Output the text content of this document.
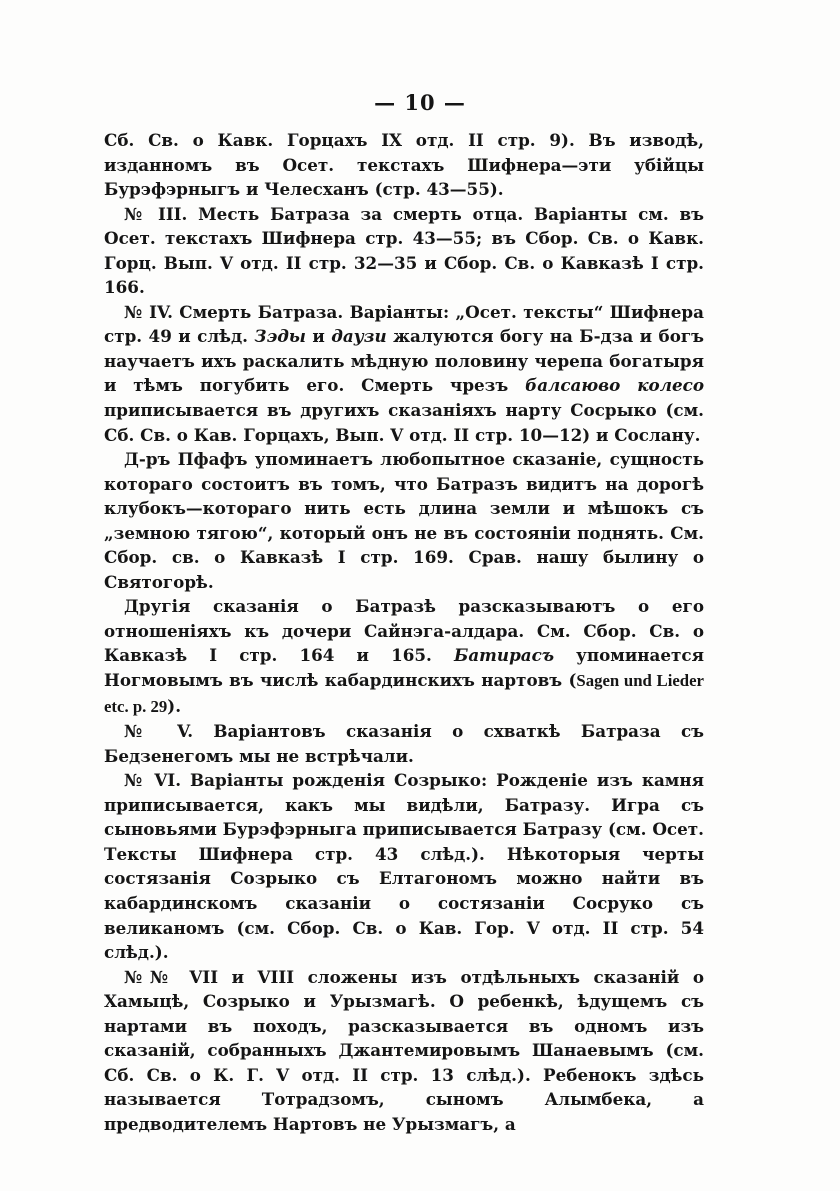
— 10 —

Сб. Св. о Кавк. Горцахъ IX отд. II стр. 9). Въ изводѣ, изданномъ въ Осет. текстахъ Шифнера—эти убійцы Бурэфэрныгъ и Челесханъ (стр. 43—55).

№ III. Месть Батраза за смерть отца. Варіанты см. въ Осет. текстахъ Шифнера стр. 43—55; въ Сбор. Св. о Кавк. Горц. Вып. V отд. II стр. 32—35 и Сбор. Св. о Кавказѣ I стр. 166.

№ IV. Смерть Батраза. Варіанты: „Осет. тексты“ Шифнера стр. 49 и слѣд. Зэды и даузи жалуются богу на Б-дза и богъ научаетъ ихъ раскалить мѣдную половину черепа богатыря и тѣмъ погубить его. Смерть чрезъ балсаюво колесо приписывается въ другихъ сказаніяхъ нарту Сосрыко (см. Сб. Св. о Кав. Горцахъ, Вып. V отд. II стр. 10—12) и Сослану.

Д-ръ Пфафъ упоминаетъ любопытное сказаніе, сущность котораго состоитъ въ томъ, что Батразъ видитъ на дорогѣ клубокъ—котораго нить есть длина земли и мѣшокъ съ „земною тягою“, который онъ не въ состояніи поднять. См. Сбор. св. о Кавказѣ I стр. 169. Срав. нашу былину о Святогорѣ.

Другія сказанія о Батразѣ разсказываютъ о его отношеніяхъ къ дочери Сайнэга-алдара. См. Сбор. Св. о Кавказѣ I стр. 164 и 165. Батирасъ упоминается Ногмовымъ въ числѣ кабардинскихъ нартовъ (Sagen und Lieder etc. p. 29).

№ V. Варіантовъ сказанія о схваткѣ Батраза съ Бедзенегомъ мы не встрѣчали.

№ VI. Варіанты рожденія Созрыко: Рожденіе изъ камня приписывается, какъ мы видѣли, Батразу. Игра съ сыновьями Бурэфэрныга приписывается Батразу (см. Осет. Тексты Шифнера стр. 43 слѣд.). Нѣкоторыя черты состязанія Созрыко съ Елтагономъ можно найти въ кабардинскомъ сказаніи о состязаніи Сосруко съ великаномъ (см. Сбор. Св. о Кав. Гор. V отд. II стр. 54 слѣд.).

№№ VII и VIII сложены изъ отдѣльныхъ сказаній о Хамыцѣ, Созрыко и Урызмагѣ. О ребенкѣ, ѣдущемъ съ нартами въ походъ, разсказывается въ одномъ изъ сказаній, собранныхъ Джантемировымъ Шанаевымъ (см. Сб. Св. о К. Г. V отд. II стр. 13 слѣд.). Ребенокъ здѣсь называется Тотрадзомъ, сыномъ Алымбека, а предводителемъ Нартовъ не Урызмагъ, а
